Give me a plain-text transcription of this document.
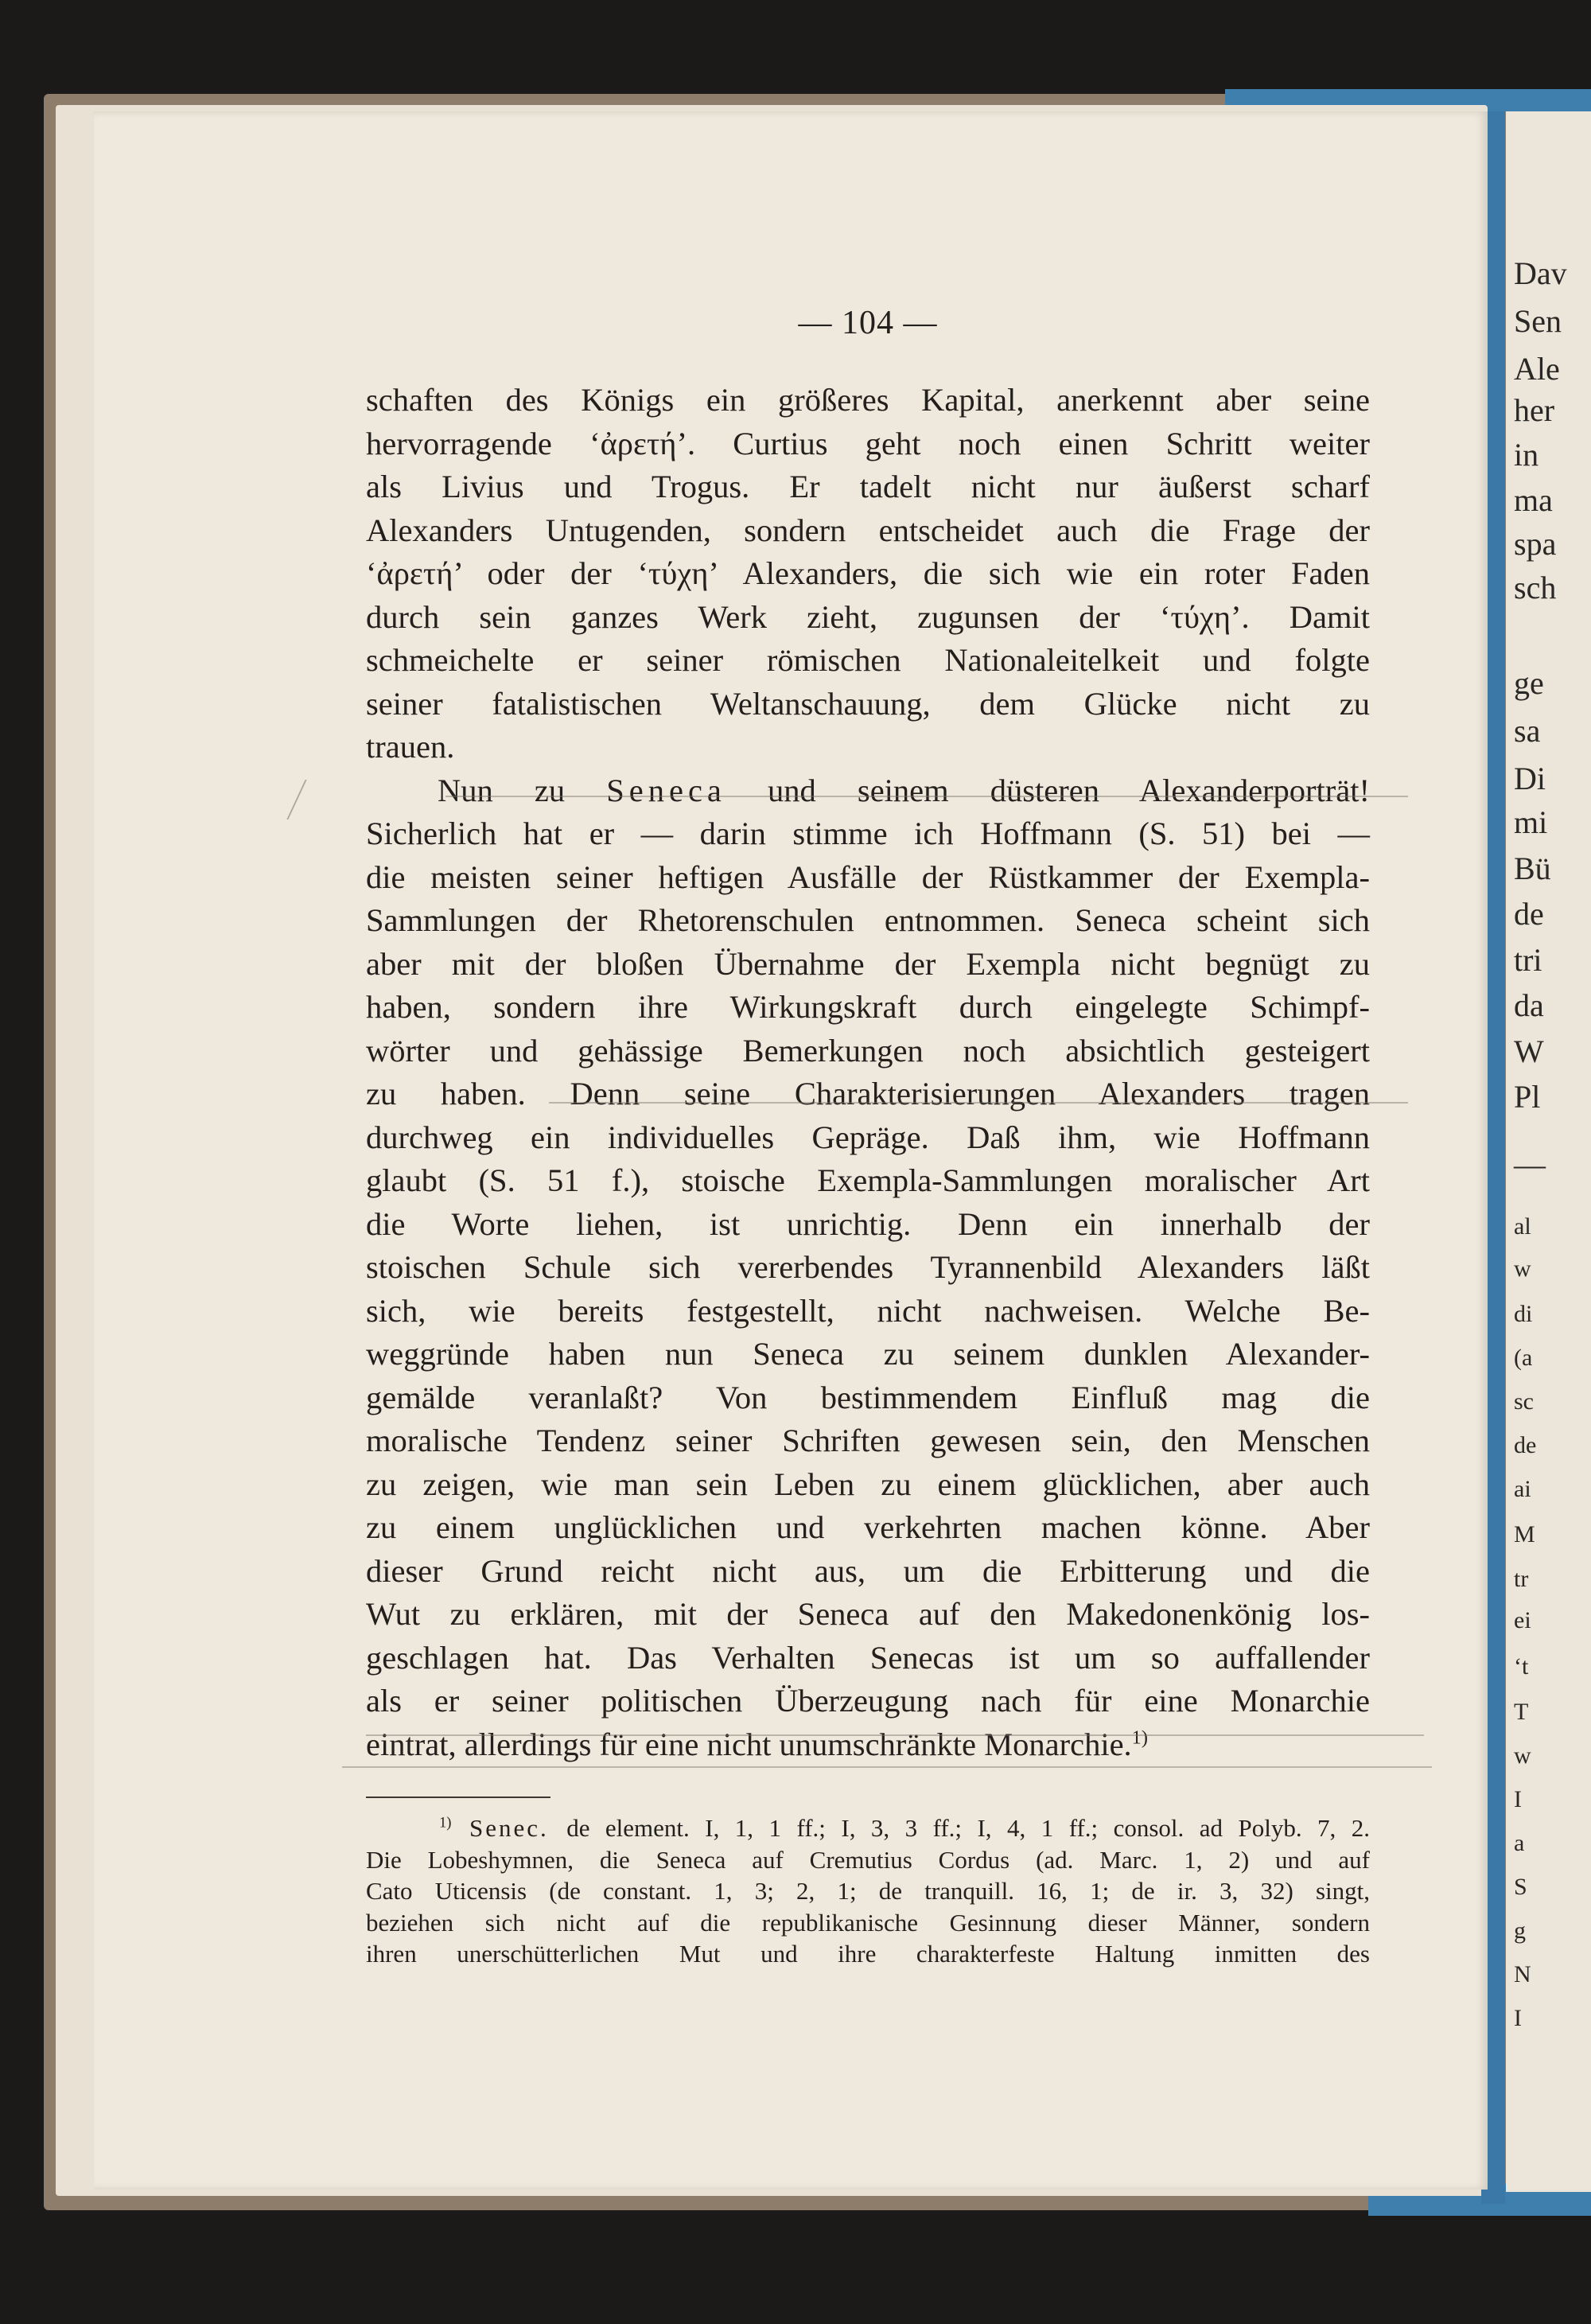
Dav
Sen
Ale
her
in
ma
spa
sch
ge
sa
Di
mi
Bü
de
tri
da
W
Pl
—
al
w
di
(a
sc
de
ai
M
tr
ei
‘t
T
w
I
a
S
g
N
I
— 104 —

schaften des Königs ein größeres Kapital, anerkennt aber seine
hervorragende ‘ἀρετή’. Curtius geht noch einen Schritt weiter
als Livius und Trogus. Er tadelt nicht nur äußerst scharf
Alexanders Untugenden, sondern entscheidet auch die Frage der
‘ἀρετή’ oder der ‘τύχη’ Alexanders, die sich wie ein roter Faden
durch sein ganzes Werk zieht, zugunsen der ‘τύχη’. Damit
schmeichelte er seiner römischen Nationaleitelkeit und folgte
seiner fatalistischen Weltanschauung, dem Glücke nicht zu
trauen.

Nun zu Seneca und seinem düsteren Alexanderporträt!
Sicherlich hat er — darin stimme ich Hoffmann (S. 51) bei —
die meisten seiner heftigen Ausfälle der Rüstkammer der Exempla-
Sammlungen der Rhetorenschulen entnommen. Seneca scheint sich
aber mit der bloßen Übernahme der Exempla nicht begnügt zu
haben, sondern ihre Wirkungskraft durch eingelegte Schimpf-
wörter und gehässige Bemerkungen noch absichtlich gesteigert
zu haben. Denn seine Charakterisierungen Alexanders tragen
durchweg ein individuelles Gepräge. Daß ihm, wie Hoffmann
glaubt (S. 51 f.), stoische Exempla-Sammlungen moralischer Art
die Worte liehen, ist unrichtig. Denn ein innerhalb der
stoischen Schule sich vererbendes Tyrannenbild Alexanders läßt
sich, wie bereits festgestellt, nicht nachweisen. Welche Be-
weggründe haben nun Seneca zu seinem dunklen Alexander-
gemälde veranlaßt? Von bestimmendem Einfluß mag die
moralische Tendenz seiner Schriften gewesen sein, den Menschen
zu zeigen, wie man sein Leben zu einem glücklichen, aber auch
zu einem unglücklichen und verkehrten machen könne. Aber
dieser Grund reicht nicht aus, um die Erbitterung und die
Wut zu erklären, mit der Seneca auf den Makedonenkönig los-
geschlagen hat. Das Verhalten Senecas ist um so auffallender
als er seiner politischen Überzeugung nach für eine Monarchie
eintrat, allerdings für eine nicht unumschränkte Monarchie.$^{1)}$

$^{1)}$ Senec. de element. I, 1, 1 ff.; I, 3, 3 ff.; I, 4, 1 ff.; consol. ad Polyb. 7, 2.
Die Lobeshymnen, die Seneca auf Cremutius Cordus (ad. Marc. 1, 2) und auf
Cato Uticensis (de constant. 1, 3; 2, 1; de tranquill. 16, 1; de ir. 3, 32) singt,
beziehen sich nicht auf die republikanische Gesinnung dieser Männer, sondern
ihren unerschütterlichen Mut und ihre charakterfeste Haltung inmitten des
